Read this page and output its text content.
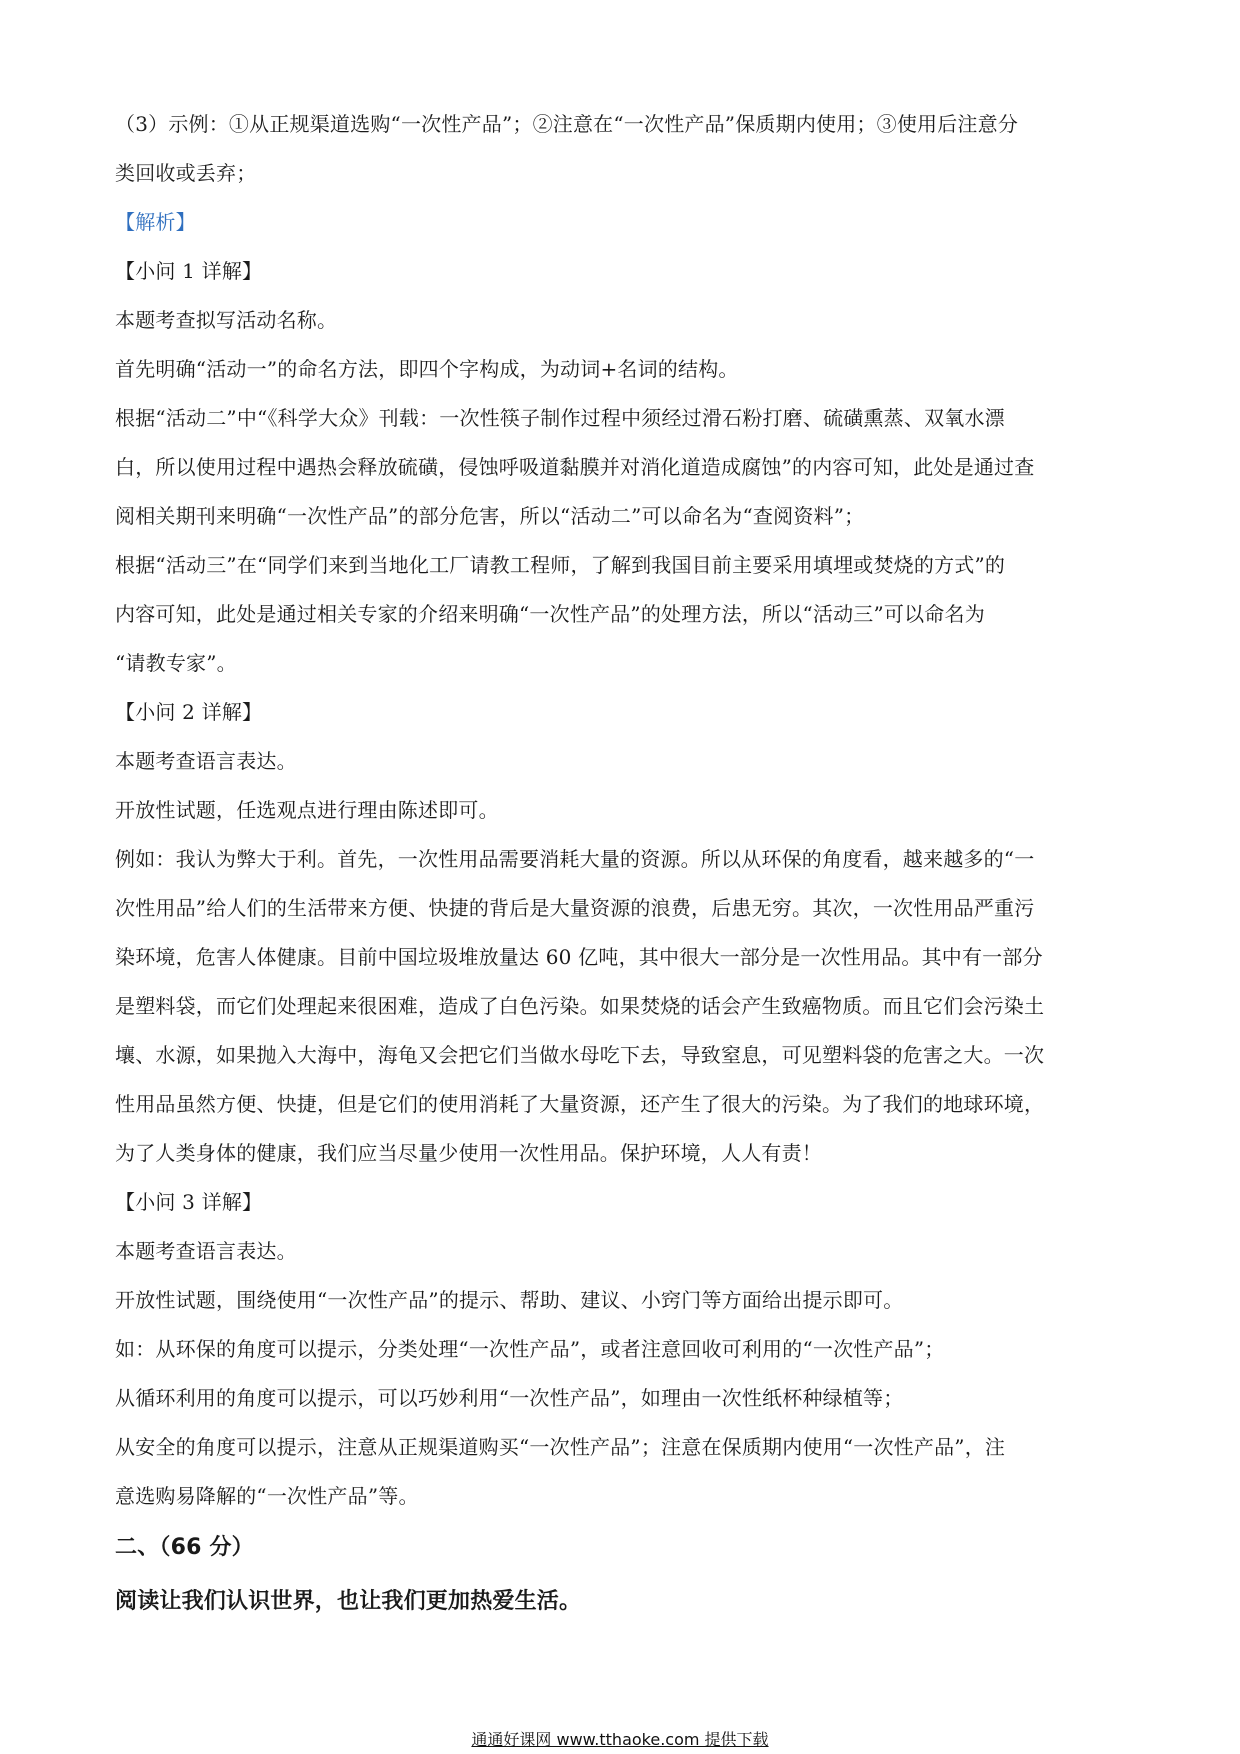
（3）示例：①从正规渠道选购“一次性产品”；②注意在“一次性产品”保质期内使用；③使用后注意分

类回收或丢弃；

【解析】

【小问 1 详解】

本题考查拟写活动名称。

首先明确“活动一”的命名方法，即四个字构成，为动词+名词的结构。

根据“活动二”中“《科学大众》刊载：一次性筷子制作过程中须经过滑石粉打磨、硫磺熏蒸、双氧水漂

白，所以使用过程中遇热会释放硫磺，侵蚀呼吸道黏膜并对消化道造成腐蚀”的内容可知，此处是通过查

阅相关期刊来明确“一次性产品”的部分危害，所以“活动二”可以命名为“查阅资料”；

根据“活动三”在“同学们来到当地化工厂请教工程师，了解到我国目前主要采用填埋或焚烧的方式”的

内容可知，此处是通过相关专家的介绍来明确“一次性产品”的处理方法，所以“活动三”可以命名为

“请教专家”。

【小问 2 详解】

本题考查语言表达。

开放性试题，任选观点进行理由陈述即可。

例如：我认为弊大于利。首先，一次性用品需要消耗大量的资源。所以从环保的角度看，越来越多的“一

次性用品”给人们的生活带来方便、快捷的背后是大量资源的浪费，后患无穷。其次，一次性用品严重污

染环境，危害人体健康。目前中国垃圾堆放量达 60 亿吨，其中很大一部分是一次性用品。其中有一部分

是塑料袋，而它们处理起来很困难，造成了白色污染。如果焚烧的话会产生致癌物质。而且它们会污染土

壤、水源，如果抛入大海中，海龟又会把它们当做水母吃下去，导致窒息，可见塑料袋的危害之大。一次

性用品虽然方便、快捷，但是它们的使用消耗了大量资源，还产生了很大的污染。为了我们的地球环境，

为了人类身体的健康，我们应当尽量少使用一次性用品。保护环境，人人有责！

【小问 3 详解】

本题考查语言表达。

开放性试题，围绕使用“一次性产品”的提示、帮助、建议、小窍门等方面给出提示即可。

如：从环保的角度可以提示，分类处理“一次性产品”，或者注意回收可利用的“一次性产品”；

从循环利用的角度可以提示，可以巧妙利用“一次性产品”，如理由一次性纸杯种绿植等；

从安全的角度可以提示，注意从正规渠道购买“一次性产品”；注意在保质期内使用“一次性产品”，注

意选购易降解的“一次性产品”等。

二、（66 分）

阅读让我们认识世界，也让我们更加热爱生活。

通通好课网 www.tthaoke.com 提供下载
